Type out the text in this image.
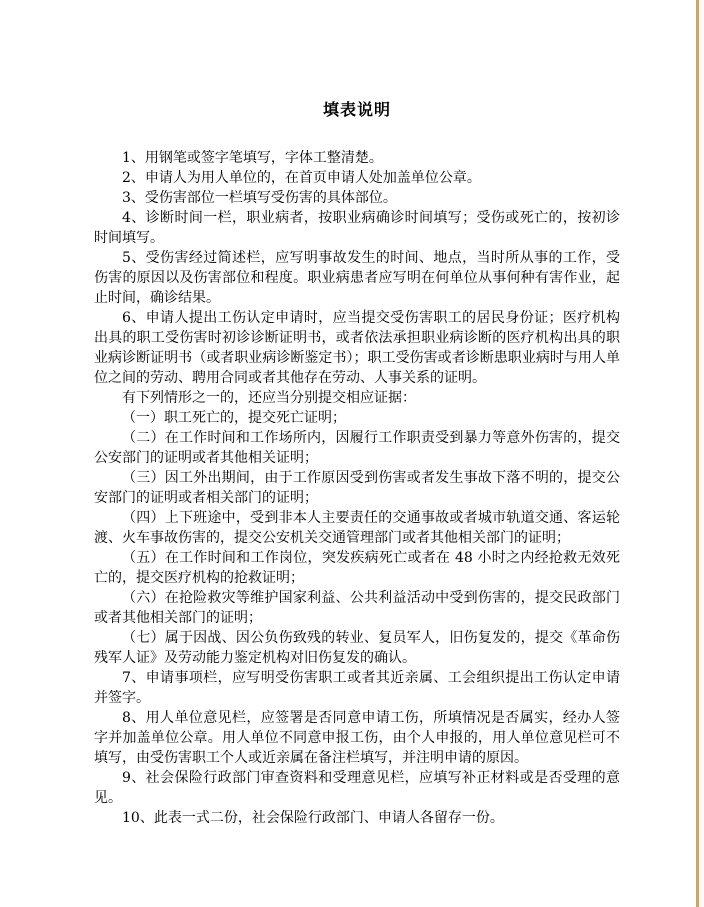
填表说明

1、用钢笔或签字笔填写，字体工整清楚。

2、申请人为用人单位的，在首页申请人处加盖单位公章。

3、受伤害部位一栏填写受伤害的具体部位。

4、诊断时间一栏，职业病者，按职业病确诊时间填写；受伤或死亡的，按初诊时间填写。

5、受伤害经过简述栏，应写明事故发生的时间、地点，当时所从事的工作，受伤害的原因以及伤害部位和程度。职业病患者应写明在何单位从事何种有害作业，起止时间，确诊结果。

6、申请人提出工伤认定申请时，应当提交受伤害职工的居民身份证；医疗机构出具的职工受伤害时初诊诊断证明书，或者依法承担职业病诊断的医疗机构出具的职业病诊断证明书（或者职业病诊断鉴定书）；职工受伤害或者诊断患职业病时与用人单位之间的劳动、聘用合同或者其他存在劳动、人事关系的证明。

有下列情形之一的，还应当分别提交相应证据：

（一）职工死亡的，提交死亡证明；

（二）在工作时间和工作场所内，因履行工作职责受到暴力等意外伤害的，提交公安部门的证明或者其他相关证明；

（三）因工外出期间，由于工作原因受到伤害或者发生事故下落不明的，提交公安部门的证明或者相关部门的证明；

（四）上下班途中，受到非本人主要责任的交通事故或者城市轨道交通、客运轮渡、火车事故伤害的，提交公安机关交通管理部门或者其他相关部门的证明；

（五）在工作时间和工作岗位，突发疾病死亡或者在 48 小时之内经抢救无效死亡的，提交医疗机构的抢救证明；

（六）在抢险救灾等维护国家利益、公共利益活动中受到伤害的，提交民政部门或者其他相关部门的证明；

（七）属于因战、因公负伤致残的转业、复员军人，旧伤复发的，提交《革命伤残军人证》及劳动能力鉴定机构对旧伤复发的确认。

7、申请事项栏，应写明受伤害职工或者其近亲属、工会组织提出工伤认定申请并签字。

8、用人单位意见栏，应签署是否同意申请工伤，所填情况是否属实，经办人签字并加盖单位公章。用人单位不同意申报工伤，由个人申报的，用人单位意见栏可不填写，由受伤害职工个人或近亲属在备注栏填写，并注明申请的原因。

9、社会保险行政部门审查资料和受理意见栏，应填写补正材料或是否受理的意见。

10、此表一式二份，社会保险行政部门、申请人各留存一份。
